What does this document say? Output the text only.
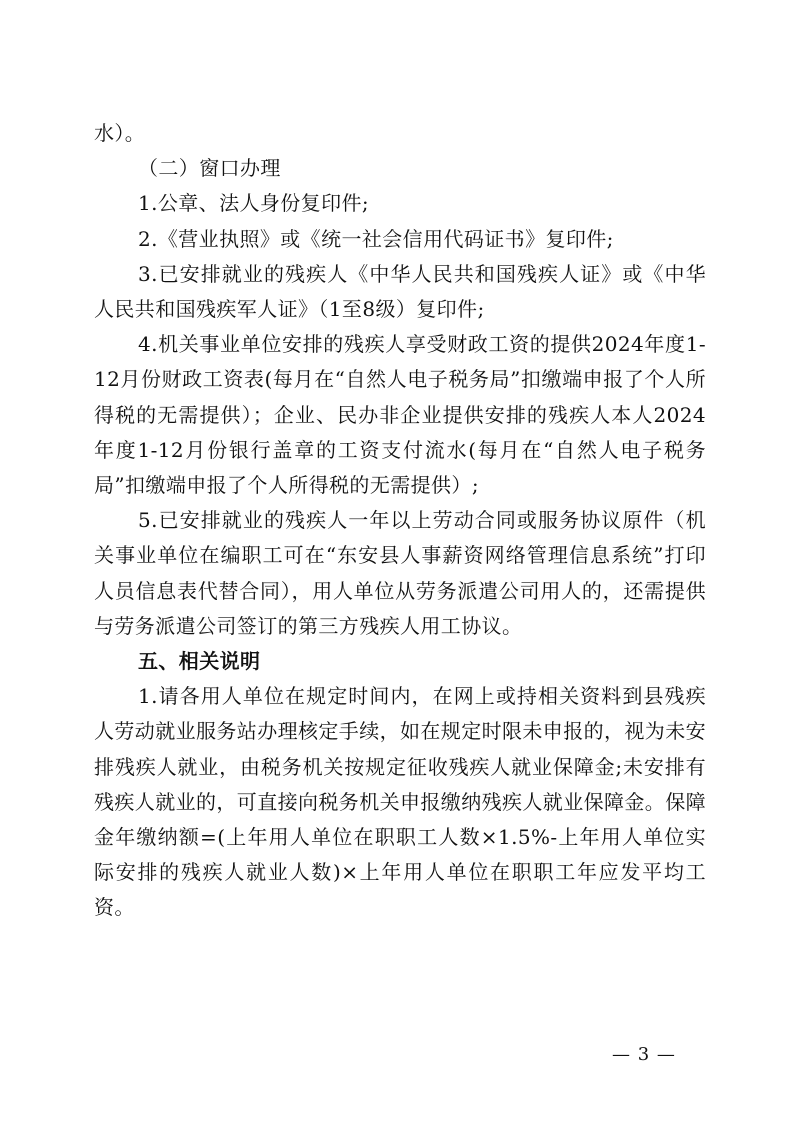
水）。

（二）窗口办理

1.公章、法人身份复印件;

2.《营业执照》或《统一社会信用代码证书》复印件;

3.已安排就业的残疾人《中华人民共和国残疾人证》或《中华人民共和国残疾军人证》（1至8级）复印件;

4.机关事业单位安排的残疾人享受财政工资的提供2024年度1-12月份财政工资表(每月在“自然人电子税务局”扣缴端申报了个人所得税的无需提供）；企业、民办非企业提供安排的残疾人本人2024年度1-12月份银行盖章的工资支付流水(每月在“自然人电子税务局”扣缴端申报了个人所得税的无需提供）;

5.已安排就业的残疾人一年以上劳动合同或服务协议原件（机关事业单位在编职工可在“东安县人事薪资网络管理信息系统”打印人员信息表代替合同），用人单位从劳务派遣公司用人的，还需提供与劳务派遣公司签订的第三方残疾人用工协议。

五、相关说明

1.请各用人单位在规定时间内，在网上或持相关资料到县残疾人劳动就业服务站办理核定手续，如在规定时限未申报的，视为未安排残疾人就业，由税务机关按规定征收残疾人就业保障金;未安排有残疾人就业的，可直接向税务机关申报缴纳残疾人就业保障金。保障金年缴纳额=(上年用人单位在职职工人数×1.5%-上年用人单位实际安排的残疾人就业人数)×上年用人单位在职职工年应发平均工资。

— 3 —
